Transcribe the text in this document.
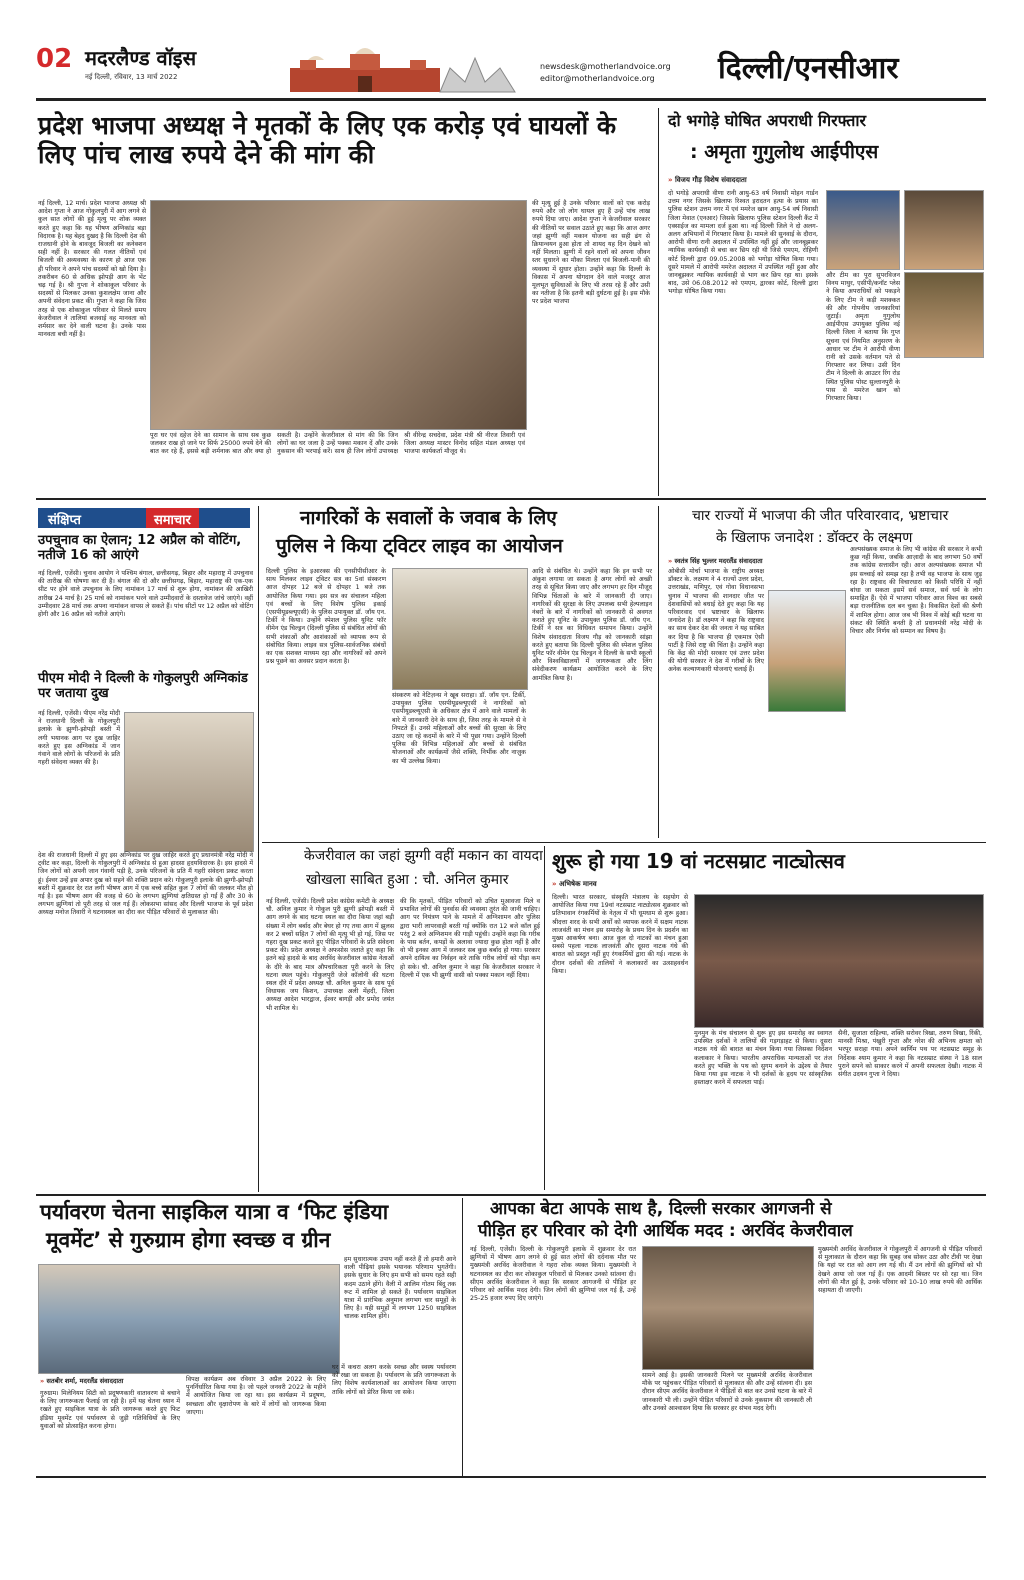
02 मदरलैण्ड वॉइस
नई दिल्ली, रविवार, 13 मार्च 2022
newsdesk@motherlandvoice.org
editor@motherlandvoice.org दिल्ली/एनसीआर
प्रदेश भाजपा अध्यक्ष ने मृतकों के लिए एक करोड़ एवं घायलों के लिए पांच लाख रुपये देने की मांग की
नई दिल्ली, 12 मार्च। प्रदेश भाजपा अध्यक्ष श्री आदेश गुप्ता ने आज गोकुलपुरी में आग लगने से कुल सात लोगों की हुई मृत्यु पर शोक व्यक्त करते हुए कहा कि यह भीषण अग्निकांड बड़ा विदारक है। यह बेहद दुखद है कि दिल्ली देश की राजधानी होने के बावजूद बिजली का कनेक्शन सही नहीं है। सरकार की गलत नीतियों एवं बिजली की अव्यवस्था के कारण हो आज एक ही परिवार ने अपने पांच सदस्यों को खो दिया है। तकरीबन 60 से अधिक झोपड़ी आग के भेंट चढ़ गई है। श्री गुप्ता ने शोकाकुल परिवार के सदस्यों से मिलकर उनका कुशलक्षेम जाना और अपनी संवेदना प्रकट की। गुप्ता ने कहा कि जिस तरह से एक शोकाकुल परिवार से मिलते समय केजरीवाल ने तालियां बजवाई वह मानवता को शर्मसार कर देने वाली घटना है। उनके पास मानवता बची नहीं है।
पूरा घर एवं दहेज देने का सामान के साथ सब कुछ जलकर राख हो जाने पर सिर्फ 25000 रुपये देने की बात कर रहे हैं, इससे बड़ी शर्मनाक बात और क्या हो सकती है। उन्होंने केजरीवाल से मांग की कि जिन लोगों का घर जला है उन्हें पक्का मकान दें और उनके नुकसान की भरपाई करें। साथ ही जिन लोगों उपाध्यक्ष श्री वीरेन्द्र सचदेवा, प्रदेश मंत्री श्री नीरज तिवारी एवं जिला अध्यक्ष मास्टर विनोद सहित मंडल अध्यक्ष एवं भाजपा कार्यकर्ता मौजूद थे।
की मृत्यु हुई है उनके परिवार वालों को एक करोड़ रुपये और जो लोग घायल हुए हैं उन्हें पांच लाख रुपये दिया जाए। आदेश गुप्ता ने केजरीवाल सरकार की नीतियों पर सवाल उठाते हुए कहा कि आज अगर जहां झुग्गी वहीं मकान योजना का सही ढंग से क्रियान्वयन हुआ होता तो शायद यह दिन देखने को नहीं मिलता। झुग्गी में रहने वालों को अपना जीवन स्तर सुधारने का मौका मिलता एवं बिजली-पानी की व्यवस्था में सुधार होता। उन्होंने कहा कि दिल्ली के विकास में अपना योगदान देने वाले मजदूर आज मूलभूत सुविधाओं के लिए भी तरस रहे हैं और उसी का नतीजा है कि इतनी बड़ी दुर्घटना हुई है। इस मौके पर प्रदेश भाजपा
दो भगोड़े घोषित अपराधी गिरफ्तार
: अमृता गुगुलोथ आईपीएस
» विजय गौड़ विशेष संवाददाता
दो भगोड़े अपराधी वीणा रानी आयु-63 वर्ष निवासी मोहन गार्डन उत्तम नगर जिसके खिलाफ रिश्वत इरादतन हत्या के प्रयास का पुलिस स्टेशन उत्तम नगर में एवं ममरेज खान आयु-54 वर्ष निवासी जिला मेवात (एनआर) जिसके खिलाफ पुलिस स्टेशन दिल्ली कैंट में एक्साईज का मामला दर्ज हुआ था। नई दिल्ली जिले ने दो अलग-अलग अभियानों में गिरफ्तार किया है। मामले की सुनवाई के दौरान, आरोपी वीणा रानी अदालत में उपस्थित नहीं हुई और जानबूझकर न्यायिक कार्यवाही से बचा कर छिप रही थी जिसे एमएम, रोहिणी कोर्ट दिल्ली द्वारा 09.05.2008 को भगोड़ा घोषित किया गया। दूसरे मामले में आरोपी ममरेज अदालत में उपस्थित नहीं हुआ और जानबूझकर न्यायिक कार्यवाही से भाग कर छिप रहा था। इसके बाद, उसे 06.08.2012 को एमएम, द्वारका कोर्ट, दिल्ली द्वारा भगोड़ा घोषित किया गया।
और टीम का पूरा सुपरविजन विनय माथुर, एसीपी/कनॉट प्लेस ने किया अपराधियों को पकड़ने के लिए टीम ने कड़ी मशक्कत की और गोपनीय जानकारियां जुटाईं। अमृता गुगुलोथ आईपीएस उपायुक्त पुलिस नई दिल्ली जिला ने बताया कि गुप्त सूचना एवं नियमित अनुसरण के आधार पर टीम ने आरोपी वीणा रानी को उसके वर्तमान पते से गिरफ्तार कर लिया। उसी दिन टीम ने दिल्ली के आउटर रिंग रोड स्थित पुलिस पोस्ट सुल्तानपुरी के पास से ममरेज खान को गिरफ्तार किया।
संक्षिप्त	समाचार
उपचुनाव का ऐलान; 12 अप्रैल को वोटिंग, नतीजे 16 को आएंगे
नई दिल्ली, एजेंसी। चुनाव आयोग ने पश्चिम बंगाल, छत्तीसगढ़, बिहार और महाराष्ट्र में उपचुनाव की तारीख की घोषणा कर दी है। बंगाल की दो और छत्तीसगढ़, बिहार, महाराष्ट्र की एक-एक सीट पर होने वाले उपचुनाव के लिए नामांकन 17 मार्च से शुरू होगा, नामांकन की आखिरी तारीख 24 मार्च है। 25 मार्च को नामांकन भरने वाले उम्मीदवारों के दस्तावेज जांचे जाएंगे। वहीं उम्मीदवार 28 मार्च तक अपना नामांकन वापस ले सकते हैं। पांच सीटों पर 12 अप्रैल को वोटिंग होगी और 16 अप्रैल को नतीजे आएंगे।
पीएम मोदी ने दिल्ली के गोकुलपुरी अग्निकांड पर जताया दुख
नई दिल्ली, एजेंसी। पीएम नरेंद्र मोदी ने राजधानी दिल्ली के गोकुलपुरी इलाके के झुग्गी-झोपड़ी बस्ती में लगी भयानक आग पर दुख जाहिर करते हुए इस अग्निकांड में जान गंवाने वाले लोगों के परिजनों के प्रति गहरी संवेदना व्यक्त की है।
देश की राजधानी दिल्ली में हुए इस अग्निकांड पर दुख जाहिर करते हुए प्रधानमंत्री नरेंद्र मोदी ने ट्वीट कर कहा, दिल्ली के गोकुलपुरी में अग्निकांड से हुआ हादसा हृदयविदारक है। इस हादसे में जिन लोगों को अपनी जान गंवानी पड़ी है, उनके परिजनों के प्रति मैं गहरी संवेदना प्रकट करता हूं। ईश्वर उन्हें इस अपार दुख को सहने की शक्ति प्रदान करे। गोकुलपुरी इलाके की झुग्गी-झोपड़ी बस्ती में शुक्रवार देर रात लगी भीषण आग में एक बच्चे सहित कुल 7 लोगों की जलकर मौत हो गई है। इस भीषण आग की वजह से 60 के लगभग झुग्गियां क्षतिग्रस्त हो गईं हैं और 30 के लगभग झुग्गियां तो पूरी तरह से जल गई हैं। लोकसभा सांसद और दिल्ली भाजपा के पूर्व प्रदेश अध्यक्ष मनोज तिवारी ने घटनास्थल का दौरा कर पीड़ित परिवारों से मुलाकात की।
नागरिकों के सवालों के जवाब के लिए
पुलिस ने किया ट्विटर लाइव का आयोजन
दिल्ली पुलिस के इआरक्स की एनसीपीसीआर के साथ मिलकर लाइव ट्विटर सत्र का 5वां संस्करण आज दोपहर 12 बजे से दोपहर 1 बजे तक आयोजित किया गया। इस सत्र का संचालन महिला एवं बच्चों के लिए विशेष पुलिस इकाई (एसपीयूडब्ल्यूएसी) के पुलिस उपायुक्त डॉ. जॉय एन. टिर्की ने किया। उन्होंने स्पेशल पुलिस यूनिट फॉर वीमेन एंड चिल्ड्रन (दिल्ली पुलिस से संबंधित लोगों की सभी शंकाओं और आशंकाओं को व्यापक रूप से संबोधित किया। लाइव सत्र पुलिस-सार्वजनिक संबंधों का एक सशक्त माध्यम रहा और नागरिकों को अपने प्रश्न पूछने का अवसर प्रदान करता है।
संस्करण को नेटिज़न्स ने खूब सराहा। डॉ. जॉय एन. टिर्की, उपायुक्त पुलिस एसपीयूडब्ल्यूएसी ने नागरिकों को एसपीयूडब्ल्यूएसी के अधिकार क्षेत्र में आने वाले मामलों के बारे में जानकारी देने के साथ ही, जिस तरह के मामले से वे निपटते हैं। उनसे महिलाओं और बच्चों की सुरक्षा के लिए उठाए जा रहे कदमों के बारे में भी पूछा गया। उन्होंने दिल्ली पुलिस की विभिन्न महिलाओं और बच्चों से संबंधित योजनाओं और कार्यक्रमों जैसे शक्ति, निर्भीक और नाज़ुक का भी उल्लेख किया।
आदि से संबंधित थे। उन्होंने कहा कि इन सभी पर अंकुश लगाया जा सकता है अगर लोगों को अच्छी तरह से सूचित किया जाए और लगभग हर दिन मौजूद विभिन्न चिंताओं के बारे में जानकारी दी जाए। नागरिकों की सुरक्षा के लिए उपलब्ध सभी हेल्पलाइन नंबरों के बारे में नागरिकों को जानकारी से अवगत कराते हुए यूनिट के उपायुक्त पुलिस डॉ. जॉय एन. टिर्की ने सत्र का विधिवत समापन किया। उन्होंने विशेष संवाददाता विजय गौड़ को जानकारी सांझा करते हुए बताया कि दिल्ली पुलिस की स्पेशल पुलिस यूनिट फॉर वीमेन एंड चिल्ड्रन ने दिल्ली के सभी स्कूलों और विश्वविद्यालयों में जागरूकता और लिंग संवेदीकरण कार्यक्रम आयोजित करने के लिए आमंत्रित किया है।
चार राज्यों में भाजपा की जीत परिवारवाद, भ्रष्टाचार
के खिलाफ जनादेश : डॉक्टर के लक्ष्मण
» स्वतंत्र सिंह भुल्लर मदरलैंड संवाददाता
ओबीसी मोर्चा भाजपा के राष्ट्रीय अध्यक्ष डॉक्टर के. लक्ष्मण ने 4 राज्यों उत्तर प्रदेश, उत्तराखंड, मणिपुर, एवं गोवा विधानसभा चुनाव में भाजपा की शानदार जीत पर देशवासियों को बधाई देते हुए कहा कि यह परिवारवाद एवं भ्रष्टाचार के खिलाफ जनादेश है। डॉ लक्ष्मण ने कहा कि राष्ट्रवाद का साथ देकर देश की जनता ने यह साबित कर दिया है कि भाजपा ही एकमात्र ऐसी पार्टी है जिसे राष्ट्र की चिंता है। उन्होंने कहा कि केंद्र की मोदी सरकार एवं उत्तर प्रदेश की योगी सरकार ने देश में गरीबों के लिए अनेक कल्याणकारी योजनाएं चलाई हैं।
अल्पसंख्यक समाज के लिए भी कांग्रेस की सरकार ने कभी कुछ नहीं किया, जबकि आज़ादी के बाद लगभग 50 वर्षों तक कांग्रेस सत्तासीन रही। आज अल्पसंख्यक समाज भी इस सच्चाई को समझ रहा है तभी वह भाजपा के साथ जुड़ रहा है। राष्ट्रवाद की विचारधारा को किसी परिधि में नहीं बांधा जा सकता इसमें सर्व समाज, सर्व धर्म के लोग समाहित हैं। ऐसे में भाजपा परिवार आज विश्व का सबसे बड़ा राजनीतिक दल बन चुका है। विकसित देशों की श्रेणी में शामिल होगा। आज जब भी विश्व में कोई बड़ी घटना या संकट की स्थिति बनती है तो प्रधानमंत्री नरेंद्र मोदी के विचार और निर्णय को सम्मान का विषय है।
केजरीवाल का जहां झुग्गी वहीं मकान का वायदा
खोखला साबित हुआ : चौ. अनिल कुमार
नई दिल्ली, एजेंसी। दिल्ली प्रदेश कांग्रेस कमेटी के अध्यक्ष चौ. अनिल कुमार ने गोकुल पुरी झुग्गी झोपड़ी बस्ती में आग लगने के बाद घटना स्थल का दौरा किया जहां बड़ी संख्या में लोग बर्बाद और बेघर हो गए तथा आग में झुलस कर 2 बच्चों सहित 7 लोगों की मृत्यु भी हो गई, जिस पर गहरा दुख प्रकट करते हुए पीड़ित परिवारों के प्रति संवेदना प्रकट की। प्रदेश अध्यक्ष ने अफसोस जताते हुए कहा कि इतने बड़े हादसे के बाद अरविंद केजरीवाल कांग्रेस नेताओं के दौरे के बाद मात्र औपचारिकता पूरी करने के लिए घटना स्थल पहुंचे। गोकुलपुरी जेजे कॉलोनी की घटना स्थल दौरे में प्रदेश अध्यक्ष चौ. अनिल कुमार के साथ पूर्व विधायक जय किशन, उपाध्यक्ष अली मेंहदी, जिला अध्यक्ष आदेश भारद्वाज, ईश्वर बागड़ी और प्रमोद जयंत भी शामिल थे।
की कि मृतकों, पीड़ित परिवारों को उचित मुआवजा मिले व प्रभावित लोगों की पुनर्वास की व्यवस्था तुरंत की जानी चाहिए। आग पर नियंत्रण पाने के मामले में अग्निशामन और पुलिस द्वारा भारी लापरवाही बरती गई क्योंकि रात 12 बजे कॉल हुई परंतु 2 बजे अग्निशमन की गाड़ी पहुंची। उन्होंने कहा कि गरीब के पास बर्तन, कपड़ों के अलावा ज्यादा कुछ होता नहीं है और वो भी इनका आग में जलकर सब कुछ बर्बाद हो गया। सरकार अपने दायित्व का निर्वहन करे ताकि गरीब लोगों को पीड़ा कम हो सके। चौ. अनिल कुमार ने कहा कि केजरीवाल सरकार ने दिल्ली में एक भी झुग्गी वासी को पक्का मकान नहीं दिया।
शुरू हो गया 19 वां नटसम्राट नाट्योत्सव
» अभिषेक मानव
दिल्ली। भारत सरकार, संस्कृति मंत्रालय के सहयोग से आयोजित किया गया 19वां नटसम्राट नाट्योत्सव शुक्रवार को प्रतिभावान रंगकर्मियों के नेतृत्व में भी धूमधाम से शुरू हुआ। श्रीदत्ता शरद के सभी अर्थों को व्यापक करने में सक्षम नाटक लाजवंती का मंचन इस समारोह के प्रथम दिन के प्रदर्शन का मुख्य आकर्षण बना। आज कुल दो नाटकों का मंचन हुआ सबसे पहला नाटक लाजवंती और दूसरा नाटक गंधे की बारात को प्रस्तुत नहीं हुए रंगकर्मियों द्वारा की गई। नाटक के दौरान दर्शकों की तालियों ने कलाकारों का उत्साहवर्धन किया।
मुनमुन के मंच संचालन से शुरू हुए इस समारोह का स्वागत उपस्थित दर्शकों ने तालियों की गड़गड़ाहट से किया। दूसरा नाटक गधे की बारात का मंचन किया गया जिसका निर्देशन कलाकार ने किया। भारतीय अपराधिक मान्यताओं पर तंज करते हुए भक्ति के पथ को सुगम बनाने के उद्देश्य से तैयार किया गया इस नाटक ने भी दर्शकों के हृदय पर सांस्कृतिक हस्ताक्षर करने में सफलता पाई।
सैनी, सुजाता राहिल्या, शक्ति सरोवर त्रिखा, तरुण त्रिखा, रिंकी, मानसी मिश्रा, पंखुरी गुप्ता और नरेश की अभिनय क्षमता को भरपूर सराहा गया। अपने स्वर्णिम पथ पर नटसम्राट समूह के निर्देशक श्याम कुमार ने कहा कि नटसम्राट संस्था ने 18 साल पुराने सपने को साकार करने में अपनी सफलता देखी। नाटक में संगीत उदयन गुप्ता ने दिया।
पर्यावरण चेतना साइकिल यात्रा व ‘फिट इंडिया
मूवमेंट’ से गुरुग्राम होगा स्वच्छ व ग्रीन
हम सुधारात्मक उपाय नहीं करते हैं तो हमारी आने वाली पीढ़ियां इसके भयानक परिणाम भुगतेंगी। इसके सुधार के लिए हम सभी को समय रहते सही कदम उठाने होंगे। वैली में आलिम गोतम बिंदु तक रूट में शामिल हो सकते हैं। पर्यावरण साइकिल यात्रा में प्रारंभिक अनुमान लगभग चार समूहों के लिए है। यही समूहों में लगभग 1250 साइकिल चालक शामिल होंगे।
» सतबीर शर्मा, मदरलैंड संवाददाता
गुरुग्राम। मिलेनियम सिटी को प्रदूषणकारी वातावरण से बचाने के लिए जागरूकता फैलाई जा रही है। हमें यह चेतना ध्यान में रखते हुए साइकिल यात्रा के प्रति जागरूक करते हुए फिट इंडिया मूवमेंट एवं पर्यावरण से जुड़ी गतिविधियों के लिए युवाओं को प्रोत्साहित करना होगा।
विपक्ष कार्यक्रम अब रविवार 3 अप्रैल 2022 के लिए पुनर्निर्धारित किया गया है। जो पहले जनवरी 2022 के महीने में आयोजित किया जा रहा था। इस कार्यक्रम में प्रदूषण, स्वच्छता और वृक्षारोपण के बारे में लोगों को जागरूक किया जाएगा।
घर में कचरा अलग करके स्वच्छ और स्वस्थ पर्यावरण को रखा जा सकता है। पर्यावरण के प्रति जागरूकता के लिए विशेष कार्यशालाओं का आयोजन किया जाएगा ताकि लोगों को प्रेरित किया जा सके।
आपका बेटा आपके साथ है, दिल्ली सरकार आगजनी से
पीड़ित हर परिवार को देगी आर्थिक मदद : अरविंद केजरीवाल
नई दिल्ली, एजेंसी। दिल्ली के गोकुलपुरी इलाके में शुक्रवार देर रात झुग्गियों में भीषण आग लगने से हुई सात लोगों की दर्दनाक मौत पर मुख्यमंत्री अरविंद केजरीवाल ने गहरा शोक व्यक्त किया। मुख्यमंत्री ने घटनास्थल का दौरा कर शोकाकुल परिवारों से मिलकर उनको सांत्वना दी। सीएम अरविंद केजरीवाल ने कहा कि सरकार आगजनी से पीड़ित हर परिवार को आर्थिक मदद देगी। जिन लोगों की झुग्गियां जल गई हैं, उन्हें 25-25 हजार रुपए दिए जाएंगे।
सामने आई है। इसकी जानकारी मिलने पर मुख्यमंत्री अरविंद केजरीवाल मौके पर पहुंचकर पीड़ित परिवारों से मुलाकात की और उन्हें सांत्वना दी। इस दौरान सीएम अरविंद केजरीवाल ने पीड़ितों से बात कर उनसे घटना के बारे में जानकारी भी ली। उन्होंने पीड़ित परिवारों से उनके नुकसान की जानकारी ली और उनको आश्वासन दिया कि सरकार हर संभव मदद देगी।
मुख्यमंत्री अरविंद केजरीवाल ने गोकुलपुरी में आगजनी से पीड़ित परिवारों से मुलाकात के दौरान कहा कि सुबह जब सोकर उठा और टीवी पर देखा कि यहां पर रात को आग लग गई थी। मैं उन लोगों की झुग्गियों को भी देखने आया जो जल गई हैं। एक आदमी बिस्तर पर सो रहा था। जिन लोगों की मौत हुई है, उनके परिवार को 10-10 लाख रुपये की आर्थिक सहायता दी जाएगी।
